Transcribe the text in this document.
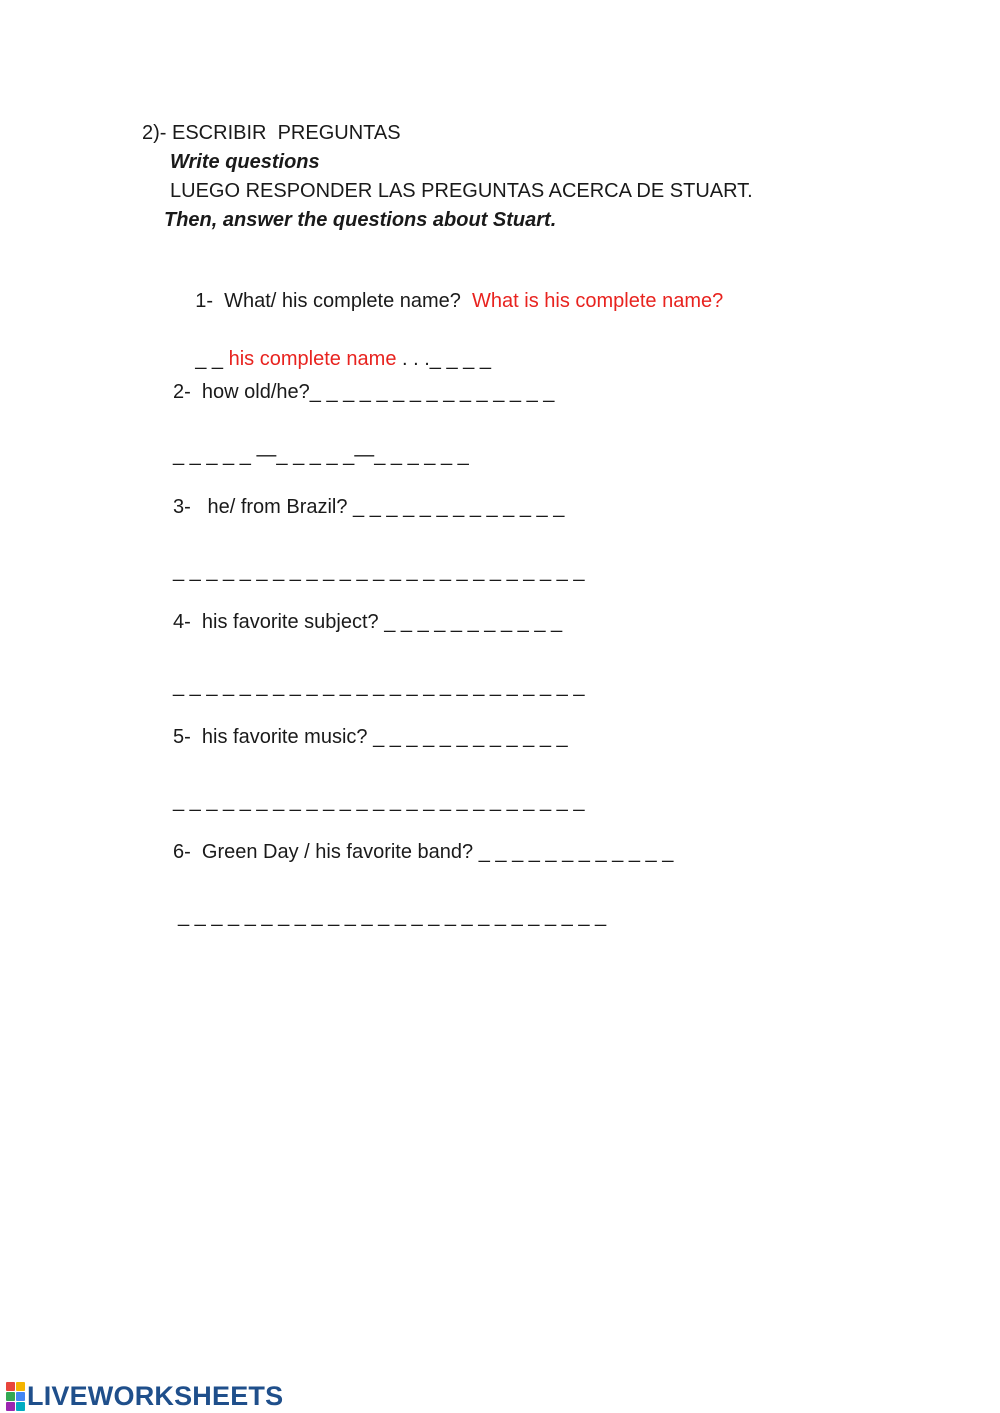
2)- ESCRIBIR  PREGUNTAS
Write questions
LUEGO RESPONDER LAS PREGUNTAS ACERCA DE STUART.
Then, answer the questions about Stuart.

1-  What/ his complete name?  What is his complete name?

_ _ his complete name . . ._ _ _ _

2-  how old/he?_ _ _ _ _ _ _ _ _ _ _ _ _ _ _
_ _ _ _ _ —_ _ _ _ _—_ _ _ _ _ _
3-   he/ from Brazil? _ _ _ _ _ _ _ _ _ _ _ _ _
_ _ _ _ _ _ _ _ _ _ _ _ _ _ _ _ _ _ _ _ _ _ _ _ _
4-  his favorite subject? _ _ _ _ _ _ _ _ _ _ _
_ _ _ _ _ _ _ _ _ _ _ _ _ _ _ _ _ _ _ _ _ _ _ _ _
5-  his favorite music? _ _ _ _ _ _ _ _ _ _ _ _
_ _ _ _ _ _ _ _ _ _ _ _ _ _ _ _ _ _ _ _ _ _ _ _ _
6-  Green Day / his favorite band? _ _ _ _ _ _ _ _ _ _ _ _
_ _ _ _ _ _ _ _ _ _ _ _ _ _ _ _ _ _ _ _ _ _ _ _ _ _
LIVEWORKSHEETS
